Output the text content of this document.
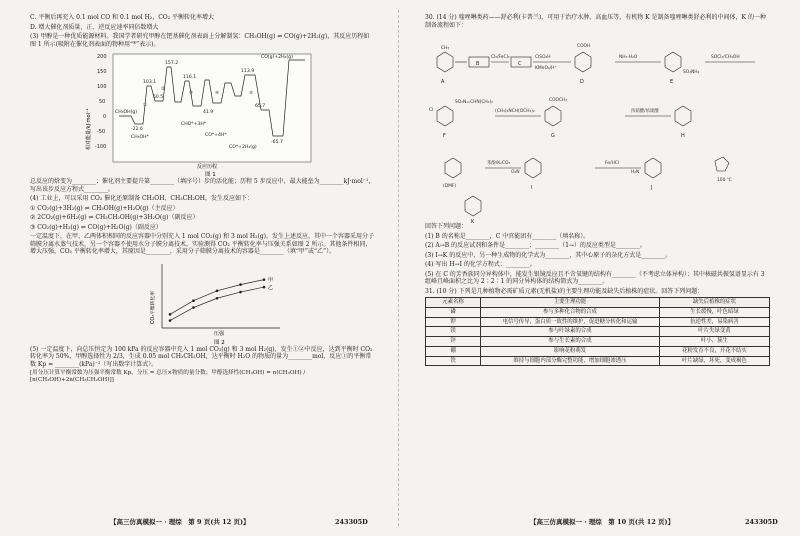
C. 平衡后再充入 0.1 mol CO 和 0.1 mol H₂，CO₂ 平衡转化率增大

D. 增大催化剂质量，正、逆反应速率同倍数增大

(3) 甲醇是一种优质能源材料。我国学者研究甲醇在钯基催化剂表面上分解制氢：CH₃OH(g) ⇌ CO(g)+2H₂(g)，其反应历程如图 1 所示(吸附在催化剂表面的物种用“*”表示)。

200
150
100
50
0
-50
-100
相对能量/kJ·mol⁻¹
157.2
113.9
116.1
103.1
65.7
50.5
41.9
-22.6
-65.7
CO(g)+2H₂(g)
CH₃OH(g)
CH₃OH*
CHO*+3H*
CO*+4H*
CO*+2H₂(g)
①
②
③	④	⑤
反应历程
图 1

总反应的焓变为________；催化剂主要提升第________（填序号）步的活化能；历程 5 步反应中，最大能垒为________kJ·mol⁻¹，写出该步反应方程式________。

(4) 工业上，可以采用 CO₂ 催化还原制备 CH₃OH、CH₃CH₂OH，发生反应如下：

① CO₂(g)+3H₂(g) ⇌ CH₃OH(g)+H₂O(g)（主反应）

② 2CO₂(g)+6H₂(g) ⇌ CH₃CH₂OH(g)+3H₂O(g)（副反应）

③ CO₂(g)+H₂(g) ⇌ CO(g)+H₂O(g)（副反应）

一定温度下，在甲、乙两体积相同的反应容器中分别充入 1 mol CO₂(g) 和 3 mol H₂(g)，发生上述反应，其中一个容器采用分子筛膜分离水蒸气技术，另一个容器不使用水分子膜分离技术。实验测得 CO₂ 平衡转化率与压强关系如图 2 所示。其他条件相同，增大压强，CO₂ 平衡转化率增大，其原因是________，采用分子筛膜分离技术的容器是________（填“甲”或“乙”）。

CO₂平衡转化率
压强
图 2
甲
乙

(5) 一定温度下，向总压恒定为 100 kPa 的反应容器中充入 1 mol CO₂(g) 和 3 mol H₂(g)，发生①②中反应，达到平衡时 CO₂ 转化率为 50%，甲醇选择性为 2/3，生成 0.05 mol CH₃CH₂OH，达平衡时 H₂O 的物质的量为________mol，反应①的平衡常数 Kp = ________(kPa)⁻²（写出数字计算式）。

[用分压计算平衡常数为压强平衡常数 Kp，分压 = 总压×物质的量分数；甲醇选择性(CH₃OH) = n(CH₃OH) / [n(CH₃OH)+2n(CH₃CH₂OH)]]

【高三仿真模拟一 · 理综　第 9 页(共 12 页)】	243305D

30. (14 分) 喹唑啉类药——舒必利(卡普兰)，可用于治疗水肿、高血压等，有机物 K 是制备喹唑啉类舒必利的中间体，K 的一种制备流程如下：

A
B	C
D	E
F	G	H
I	J
K
ClSO₃H
Cl₂/FeCl₃	NH₃·H₂O
KMnO₄/H⁺
SOCl₂/CH₃OH
Fe/HCl
(CH₃)₂NCH(OCH₃)₂	浓硝酸/浓硫酸
苯酚/K₂CO₃
100 ℃
CH₃	COOH
SO₂NH₂
SO₂N=CHN(CH₃)₂	COOCH₃
O₂N	H₂N
Cl
(DMF)

回答下列问题：

(1) B 的名称是________，C 中官能团有________（填名称）。

(2) A→B 的反应试剂和条件是________；________（1→）的反应类型是________。

(3) I→K 的反应中，另一种生成物的化学式为________，其中心原子的杂化方式是________。

(4) 写出 H→I 的化学方程式：________。

(5) 在 C 的芳香族同分异构体中，能发生银镜反应且不含氧键的结构有________（不考虑立体异构）；其中核磁共振氢谱显示有 3 组峰且峰面积之比为 2∶2∶1 的同分异构体的结构简式为________。

31. (10 分) 下列是几种植物必需矿质元素(无机盐)的主要生理功能及缺失后植株的症状。回答下列问题：

元素名称	主要生理功能	缺失后植株的症状
磷	参与多种化合物的合成	生长缓慢，叶色暗绿
钾	电信号传导，蛋白质一致性的维护，促进糖分转化和运输	抗逆性差，易染病害
镁	参与叶绿素的合成	叶片失绿变黄
锌	参与生长素的合成	叶小、簇生
硼	影响花粉萌发	花粉发育不良，开花不结实
铁	维持与细胞内部分酶完整功能，增加细胞渗透压	叶片缺绿，坏死，变成褐色
【高三仿真模拟一 · 理综　第 10 页(共 12 页)】	243305D
